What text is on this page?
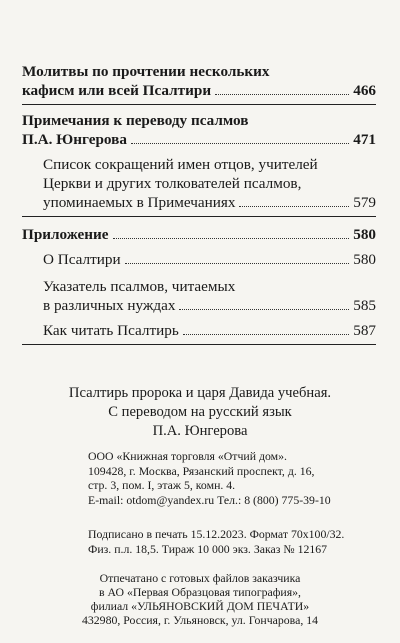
Молитвы по прочтении нескольких
кафисм или всей Псалтири	466
Примечания к переводу псалмов
П.А. Юнгерова	471
Список сокращений имен отцов, учителей
Церкви и других толкователей псалмов,
упоминаемых в Примечаниях	579
Приложение	580
О Псалтири	580
Указатель псалмов, читаемых
в различных нуждах	585
Как читать Псалтирь	587
Псалтирь пророка и царя Давида учебная.
С переводом на русский язык
П.А. Юнгерова
ООО «Книжная торговля «Отчий дом».
109428, г. Москва, Рязанский проспект, д. 16,
стр. 3, пом. I, этаж 5, комн. 4.
E-mail: otdom@yandex.ru Тел.: 8 (800) 775-39-10
Подписано в печать 15.12.2023. Формат 70x100/32.
Физ. п.л. 18,5. Тираж 10 000 экз. Заказ № 12167
Отпечатано с готовых файлов заказчика
в АО «Первая Образцовая типография»,
филиал «УЛЬЯНОВСКИЙ ДОМ ПЕЧАТИ»
432980, Россия, г. Ульяновск, ул. Гончарова, 14
